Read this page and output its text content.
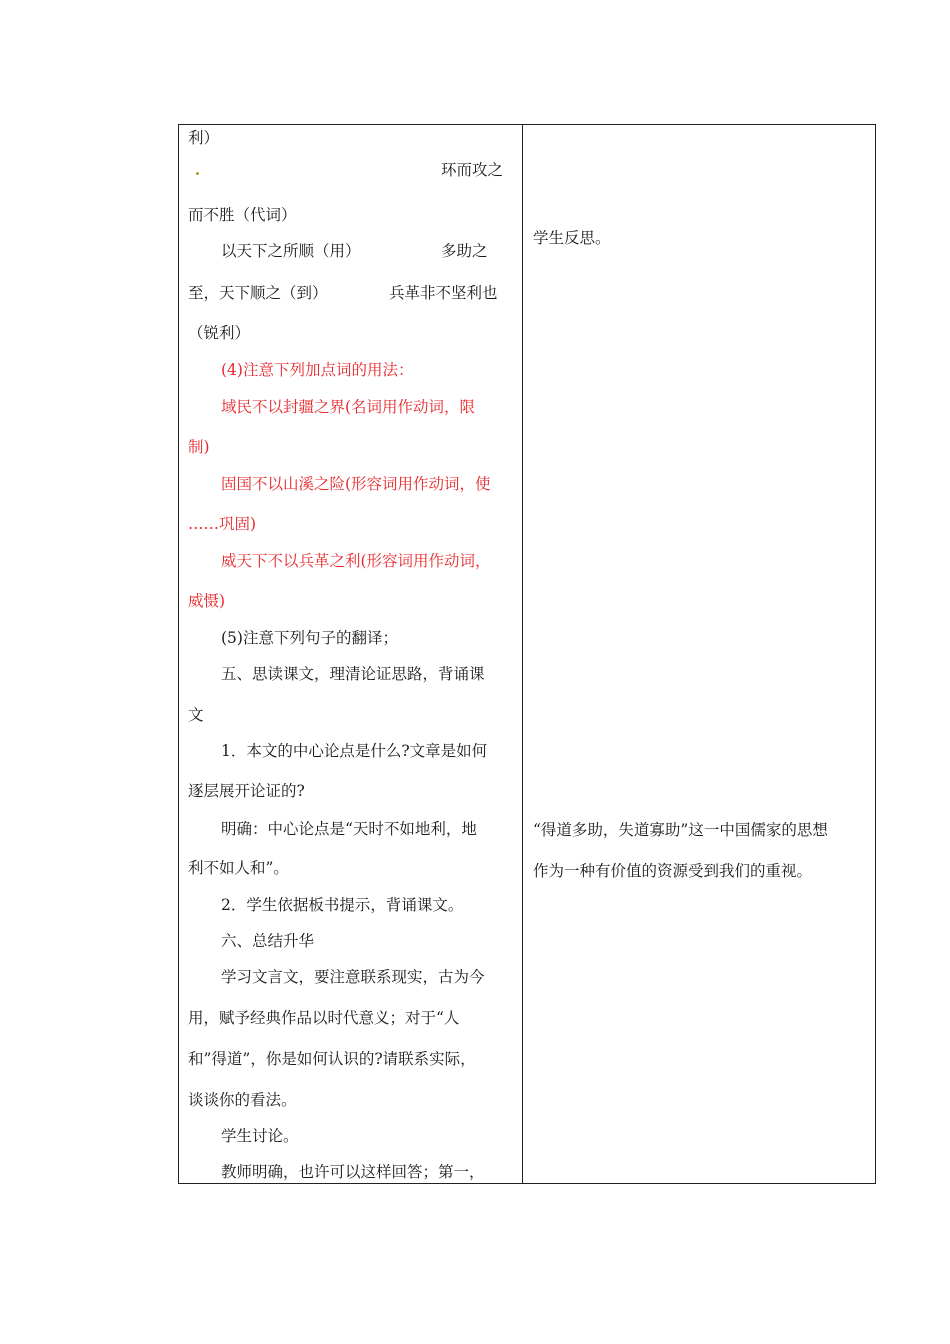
利）
环而攻之
而不胜（代词）
以天下之所顺（用）	多助之
至，天下顺之（到）	兵革非不坚利也
（锐利）
(4)注意下列加点词的用法：
域民不以封疆之界(名词用作动词，限
制)
固国不以山溪之险(形容词用作动词，使
……巩固)
威天下不以兵革之利(形容词用作动词，
威慑)
(5)注意下列句子的翻译；
五、思读课文，理清论证思路，背诵课
文
1．本文的中心论点是什么?文章是如何
逐层展开论证的?
明确：中心论点是“天时不如地利，地
利不如人和”。
2．学生依据板书提示，背诵课文。
六、总结升华
学习文言文，要注意联系现实，古为今
用，赋予经典作品以时代意义；对于“人
和”得道”，你是如何认识的?请联系实际，
谈谈你的看法。
学生讨论。
教师明确，也许可以这样回答；第一，
学生反思。
“得道多助，失道寡助”这一中国儒家的思想
作为一种有价值的资源受到我们的重视。
